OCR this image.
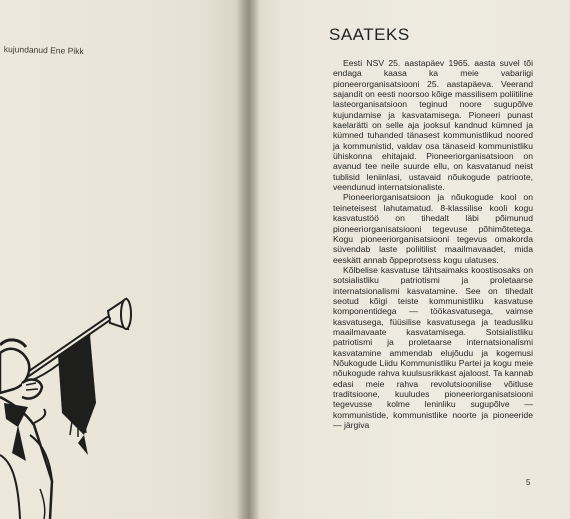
kujundanud Ene Pikk
SAATEKS

Eesti NSV 25. aastapäev 1965. aasta suvel tõi endaga kaasa ka meie vabariigi pioneerorganisatsiooni 25. aastapäeva. Veerand sajandit on eesti noorsoo kõige massilisem poliitiline lasteorganisatsioon teginud noore sugupõlve kujundamise ja kasvatamisega. Pioneeri punast kaelarätti on selle aja jooksul kandnud kümned ja kümned tuhanded tänasest kommunistlikud noored ja kommunistid, valdav osa tänaseid kommunistliku ühiskonna ehitajaid. Pioneeriorganisatsioon on avanud tee neile suurde ellu, on kasvatanud neist tublisid leniinlasi, ustavaid nõukogude patrioote, veendunud internatsionaliste.

Pioneeriorganisatsioon ja nõukogude kool on teineteisest lahutamatud. 8-klassilise kooli kogu kasvatustöö on tihedalt läbi põimunud pioneeriorganisatsiooni tegevuse põhimõtetega. Kogu pioneeriorganisatsiooni tegevus omakorda süvendab laste poliitilist maailmavaadet, mida eeskätt annab õppeprotsess kogu ulatuses.

Kõlbelise kasvatuse tähtsaimaks koostisosaks on sotsialistliku patriotismi ja proletaarse internatsionalismi kasvatamine. See on tihedalt seotud kõigi teiste kommunistliku kasvatuse komponentidega — töökasvatusega, vaimse kasvatusega, füüsilise kasvatusega ja teadusliku maailmavaate kasvatamisega. Sotsialistliku patriotismi ja proletaarse internatsionalismi kasvatamine ammendab elujõudu ja kogemusi Nõukogude Liidu Kommunistliku Partei ja kogu meie nõukogude rahva kuulsusrikkast ajaloost. Ta kannab edasi meie rahva revolutsioonilise võitluse traditsioone, kuuludes pioneeriorganisatsiooni tegevusse kolme leninliku sugupõlve — kommunistide, kommunistlike noorte ja pioneeride — järgiva

5
